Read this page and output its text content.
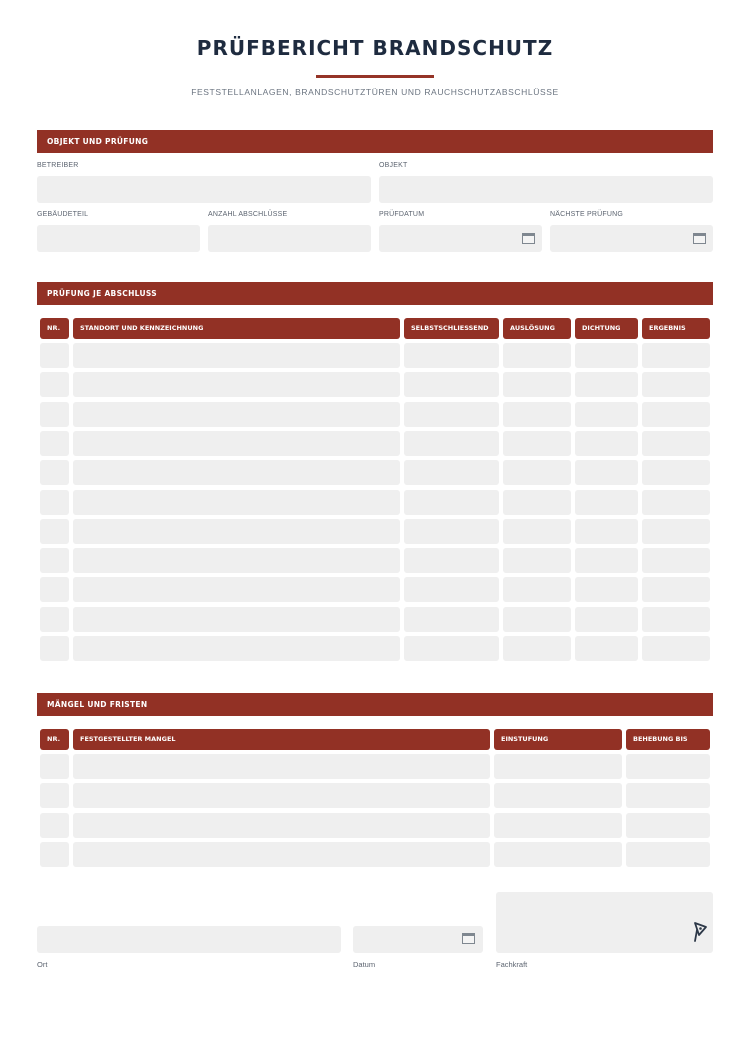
PRÜFBERICHT BRANDSCHUTZ
FESTSTELLANLAGEN, BRANDSCHUTZTÜREN UND RAUCHSCHUTZABSCHLÜSSE
OBJEKT UND PRÜFUNG
BETREIBER	OBJEKT
GEBÄUDETEIL	ANZAHL ABSCHLÜSSE	PRÜFDATUM	NÄCHSTE PRÜFUNG
PRÜFUNG JE ABSCHLUSS
NR.	STANDORT UND KENNZEICHNUNG	SELBSTSCHLIESSEND	AUSLÖSUNG	DICHTUNG	ERGEBNIS
MÄNGEL UND FRISTEN
NR.	FESTGESTELLTER MANGEL	EINSTUFUNG	BEHEBUNG BIS
Ort	Datum	Fachkraft
